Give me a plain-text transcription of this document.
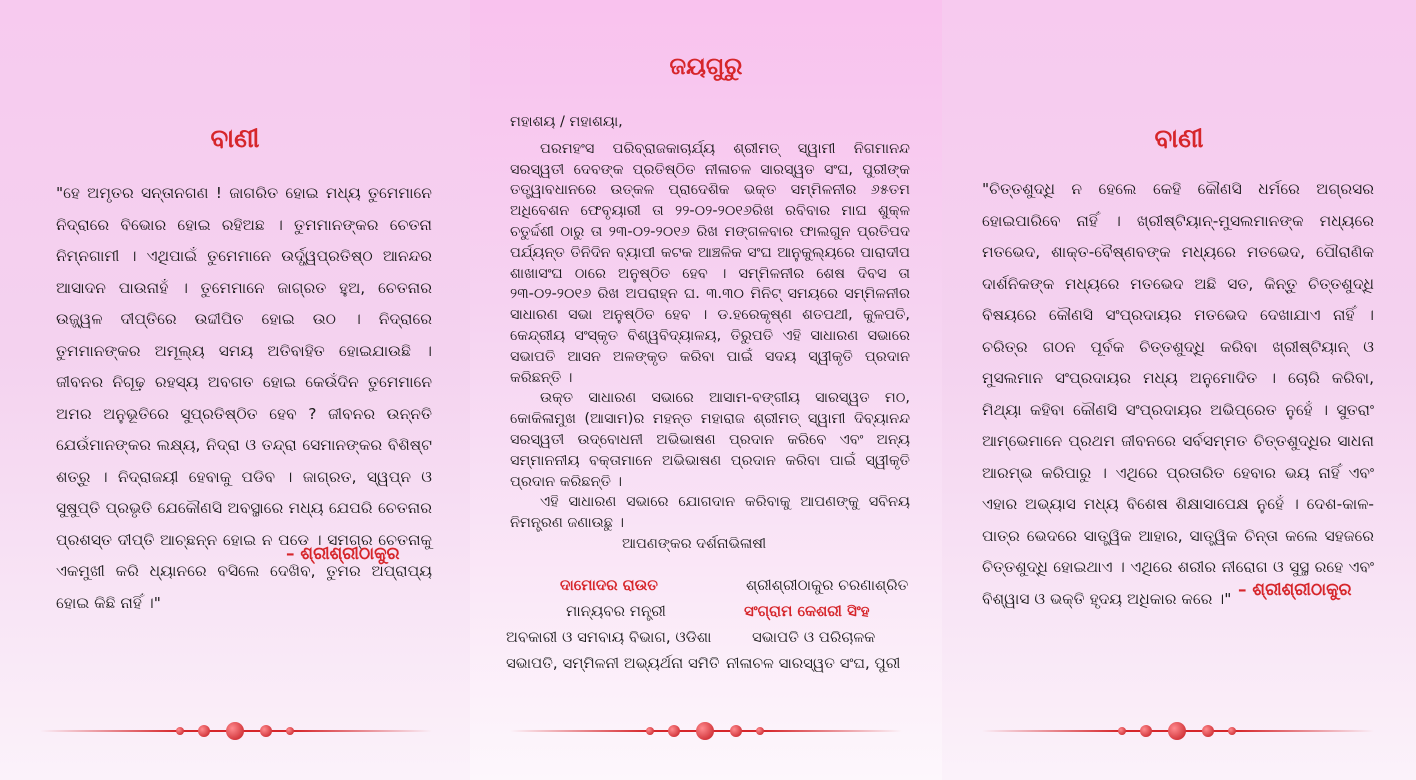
ବାଣୀ

"ହେ ଅମୃତର ସନ୍ତାନଗଣ ! ଜାଗରିତ ହୋଇ ମଧ୍ୟ ତୁମେମାନେ ନିଦ୍ରାରେ ବିଭୋର ହୋଇ ରହିଅଛ । ତୁମମାନଙ୍କର ଚେତନା ନିମ୍ନଗାମୀ । ଏଥିପାଇଁ ତୁମେମାନେ ଉର୍ଦ୍ଧ୍ୱପ୍ରତିଷ୍ଠ ଆନନ୍ଦର ଆସାଦନ ପାଉନାହଁ । ତୁମେମାନେ ଜାଗ୍ରତ ହୁଅ, ଚେତନାର ଉଜ୍ଜ୍ୱଳ ଦୀପ୍ତିରେ ଉଦ୍ଦୀପିତ ହୋଇ ଉଠ । ନିଦ୍ରାରେ ତୁମମାନଙ୍କର ଅମୂଲ୍ୟ ସମୟ ଅତିବାହିତ ହୋଇଯାଉଛି । ଜୀବନର ନିଗୂଢ଼ ରହସ୍ୟ ଅବଗତ ହୋଇ କେଉଁଦିନ ତୁମେମାନେ ଅମର ଅନୁଭୂତିରେ ସୁପ୍ରତିଷ୍ଠିତ ହେବ ? ଜୀବନର ଉନ୍ନତି ଯେଉଁମାନଙ୍କର ଲକ୍ଷ୍ୟ, ନିଦ୍ରା ଓ ତନ୍ଦ୍ରା ସେମାନଙ୍କର ବିଶିଷ୍ଟ ଶତ୍ରୁ । ନିଦ୍ରାଜୟୀ ହେବାକୁ ପଡିବ । ଜାଗ୍ରତ, ସ୍ୱପ୍ନ ଓ ସୁଷୁପ୍ତି ପ୍ରଭୃତି ଯେକୌଣସି ଅବସ୍ଥାରେ ମଧ୍ୟ ଯେପରି ଚେତନାର ପ୍ରଶସ୍ତ ଦୀପ୍ତି ଆଚ୍ଛନ୍ନ ହୋଇ ନ ପଡେ । ସମଗ୍ର ଚେତନାକୁ ଏକମୁଖୀ କରି ଧ୍ୟାନରେ ବସିଲେ ଦେଖିବ, ତୁମର ଅପ୍ରାପ୍ୟ ହୋଇ କିଛି ନାହିଁ ।"

– ଶ୍ରୀଶ୍ରୀଠାକୁର
ଜୟଗୁରୁ

ମହାଶୟ / ମହାଶୟା,

ପରମହଂସ ପରିବ୍ରାଜକାଚାର୍ଯ୍ୟ ଶ୍ରୀମତ୍ ସ୍ୱାମୀ ନିଗମାନନ୍ଦ ସରସ୍ୱତୀ ଦେବଙ୍କ ପ୍ରତିଷ୍ଠିତ ନୀଳାଚଳ ସାରସ୍ୱତ ସଂଘ, ପୁରୀଙ୍କ ତତ୍ତ୍ୱାବଧାନରେ ଉତ୍କଳ ପ୍ରାଦେଶିକ ଭକ୍ତ ସମ୍ମିଳନୀର ୬୫ତମ ଅଧିବେଶନ ଫେବୃୟାରୀ ତା ୨୨-୦୨-୨୦୧୬ରିଖ ରବିବାର ମାଘ ଶୁକ୍ଳ ଚତୁର୍ଦ୍ଦଶୀ ଠାରୁ ତା ୨୩-୦୨-୨୦୧୬ ରିଖ ମଙ୍ଗଳବାର ଫାଲଗୁନ ପ୍ରତିପଦ ପର୍ଯ୍ୟନ୍ତ ତିନିଦିନ ବ୍ୟାପୀ କଟକ ଆଞ୍ଚଳିକ ସଂଘ ଆନୁକୁଲ୍ୟରେ ପାରାଦୀପ ଶାଖାସଂଘ ଠାରେ ଅନୁଷ୍ଠିତ ହେବ । ସମ୍ମିଳନୀର ଶେଷ ଦିବସ ତା ୨୩-୦୨-୨୦୧୬ ରିଖ ଅପରାହ୍ନ ଘ. ୩.୩୦ ମିନିଟ୍ ସମୟରେ ସମ୍ମିଳନୀର ସାଧାରଣ ସଭା ଅନୁଷ୍ଠିତ ହେବ । ଡ.ହରେକୃଷ୍ଣ ଶତପଥୀ, କୁଳପତି, କେନ୍ଦ୍ରୀୟ ସଂସ୍କୃତ ବିଶ୍ୱବିଦ୍ୟାଳୟ, ତିରୁପତି ଏହି ସାଧାରଣ ସଭାରେ ସଭାପତି ଆସନ ଅଳଙ୍କୃତ କରିବା ପାଇଁ ସଦୟ ସ୍ୱୀକୃତି ପ୍ରଦାନ କରିଛନ୍ତି ।

ଉକ୍ତ ସାଧାରଣ ସଭାରେ ଆସାମ-ବଙ୍ଗୀୟ ସାରସ୍ୱତ ମଠ, କୋକିଳାମୁଖ (ଆସାମ)ର ମହନ୍ତ ମହାରାଜ ଶ୍ରୀମତ୍ ସ୍ୱାମୀ ଦିବ୍ୟାନନ୍ଦ ସରସ୍ୱତୀ ଉଦ୍‌ବୋଧନୀ ଅଭିଭାଷଣ ପ୍ରଦାନ କରିବେ ଏବଂ ଅନ୍ୟ ସମ୍ମାନନୀୟ ବକ୍ତାମାନେ ଅଭିଭାଷଣ ପ୍ରଦାନ କରିବା ପାଇଁ ସ୍ୱୀକୃତି ପ୍ରଦାନ କରିଛନ୍ତି ।

ଏହି ସାଧାରଣ ସଭାରେ ଯୋଗଦାନ କରିବାକୁ ଆପଣଙ୍କୁ ସବିନୟ ନିମନ୍ତ୍ରଣ ଜଣାଉଛୁ ।

ଆପଣଙ୍କର ଦର୍ଶନାଭିଳାଷୀ

ଦାମୋଦର ରାଉତ
ମାନ୍ୟବର ମନ୍ତ୍ରୀ
ଅବକାରୀ ଓ ସମବାୟ ବିଭାଗ, ଓଡିଶା
ସଭାପତି, ସମ୍ମିଳନୀ ଅଭ୍ୟର୍ଥନା ସମିତି
ଶ୍ରୀଶ୍ରୀଠାକୁର ଚରଣାଶ୍ରିତ
ସଂଗ୍ରାମ କେଶରୀ ସିଂହ
ସଭାପତି ଓ ପରିଚାଳକ
ନୀଳାଚଳ ସାରସ୍ୱତ ସଂଘ, ପୁରୀ
ବାଣୀ

"ଚିତ୍ତଶୁଦ୍ଧି ନ ହେଲେ କେହି କୌଣସି ଧର୍ମରେ ଅଗ୍ରସର ହୋଇପାରିବେ ନାହିଁ । ଖ୍ରୀଷ୍ଟିୟାନ୍-ମୁସଲମାନଙ୍କ ମଧ୍ୟରେ ମତଭେଦ, ଶାକ୍ତ-ବୈଷ୍ଣବଙ୍କ ମଧ୍ୟରେ ମତଭେଦ, ପୌରାଣିକ ଦାର୍ଶନିକଙ୍କ ମଧ୍ୟରେ ମତଭେଦ ଅଛି ସତ, କିନ୍ତୁ ଚିତ୍ତଶୁଦ୍ଧି ବିଷୟରେ କୌଣସି ସଂପ୍ରଦାୟର ମତଭେଦ ଦେଖାଯାଏ ନାହିଁ । ଚରିତ୍ର ଗଠନ ପୂର୍ବକ ଚିତ୍ତଶୁଦ୍ଧି କରିବା ଖ୍ରୀଷ୍ଟିୟାନ୍ ଓ ମୁସଲମାନ ସଂପ୍ରଦାୟର ମଧ୍ୟ ଅନୁମୋଦିତ । ଚୋରି କରିବା, ମିଥ୍ୟା କହିବା କୌଣସି ସଂପ୍ରଦାୟର ଅଭିପ୍ରେତ ନୁହେଁ । ସୁତରାଂ ଆମ୍ଭେମାନେ ପ୍ରଥମ ଜୀବନରେ ସର୍ବସମ୍ମତ ଚିତ୍ତଶୁଦ୍ଧିର ସାଧନା ଆରମ୍ଭ କରିପାରୁ । ଏଥିରେ ପ୍ରତାରିତ ହେବାର ଭୟ ନାହିଁ ଏବଂ ଏହାର ଅଭ୍ୟାସ ମଧ୍ୟ ବିଶେଷ ଶିକ୍ଷାସାପେକ୍ଷ ନୁହେଁ । ଦେଶ-କାଳ-ପାତ୍ର ଭେଦରେ ସାତ୍ତ୍ୱିକ ଆହାର, ସାତ୍ତ୍ୱିକ ଚିନ୍ତା କଲେ ସହଜରେ ଚିତ୍ତଶୁଦ୍ଧି ହୋଇଥାଏ । ଏଥିରେ ଶରୀର ନୀରୋଗ ଓ ସୁସ୍ଥ ରହେ ଏବଂ ବିଶ୍ୱାସ ଓ ଭକ୍ତି ହୃଦୟ ଅଧିକାର କରେ ।" – ଶ୍ରୀଶ୍ରୀଠାକୁର
